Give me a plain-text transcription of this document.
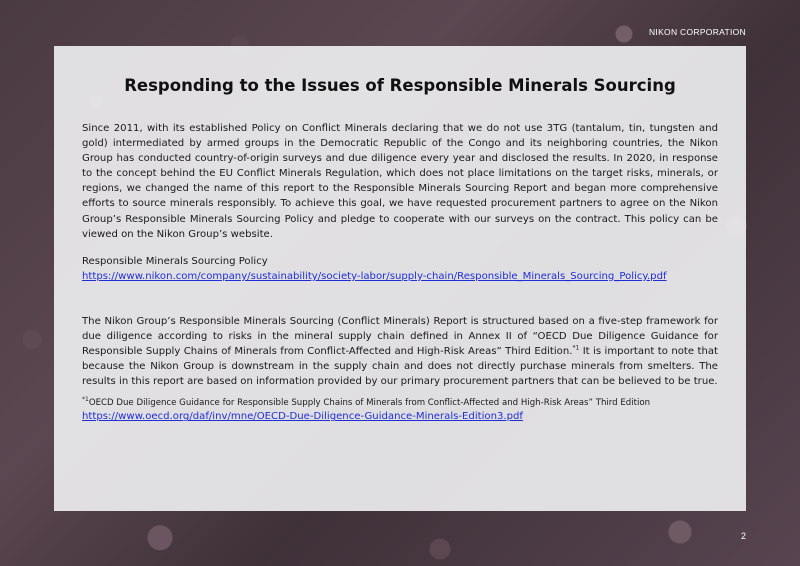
NIKON CORPORATION
Responding to the Issues of Responsible Minerals Sourcing

Since 2011, with its established Policy on Conflict Minerals declaring that we do not use 3TG (tantalum, tin, tungsten and gold) intermediated by armed groups in the Democratic Republic of the Congo and its neighboring countries, the Nikon Group has conducted country-of-origin surveys and due diligence every year and disclosed the results. In 2020, in response to the concept behind the EU Conflict Minerals Regulation, which does not place limitations on the target risks, minerals, or regions, we changed the name of this report to the Responsible Minerals Sourcing Report and began more comprehensive efforts to source minerals responsibly. To achieve this goal, we have requested procurement partners to agree on the Nikon Group’s Responsible Minerals Sourcing Policy and pledge to cooperate with our surveys on the contract. This policy can be viewed on the Nikon Group’s website.

Responsible Minerals Sourcing Policy
https://www.nikon.com/company/sustainability/society-labor/supply-chain/Responsible_Minerals_Sourcing_Policy.pdf

The Nikon Group’s Responsible Minerals Sourcing (Conflict Minerals) Report is structured based on a five-step framework for due diligence according to risks in the mineral supply chain defined in Annex II of “OECD Due Diligence Guidance for Responsible Supply Chains of Minerals from Conflict-Affected and High-Risk Areas” Third Edition.$^{*1}$ It is important to note that because the Nikon Group is downstream in the supply chain and does not directly purchase minerals from smelters. The results in this report are based on information provided by our primary procurement partners that can be believed to be true.

$^{*1}$OECD Due Diligence Guidance for Responsible Supply Chains of Minerals from Conflict-Affected and High-Risk Areas” Third Edition
https://www.oecd.org/daf/inv/mne/OECD-Due-Diligence-Guidance-Minerals-Edition3.pdf
2
